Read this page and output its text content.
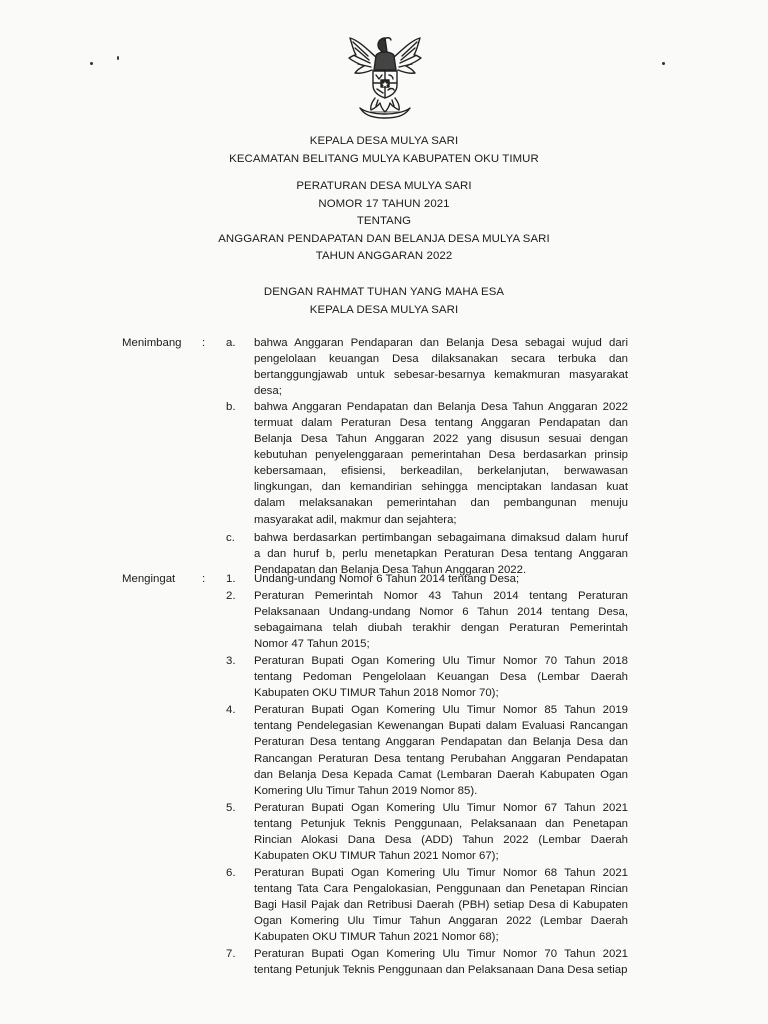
KEPALA DESA MULYA SARI
KECAMATAN BELITANG MULYA KABUPATEN OKU TIMUR
PERATURAN DESA MULYA SARI
NOMOR 17 TAHUN 2021
TENTANG
ANGGARAN PENDAPATAN DAN BELANJA DESA MULYA SARI
TAHUN ANGGARAN 2022
DENGAN RAHMAT TUHAN YANG MAHA ESA
KEPALA DESA MULYA SARI
Menimbang : a.	bahwa Anggaran Pendaparan dan Belanja Desa sebagai wujud dari
pengelolaan keuangan Desa dilaksanakan secara terbuka dan
bertanggungjawab untuk sebesar-besarnya kemakmuran masyarakat
desa;
b.	bahwa Anggaran Pendapatan dan Belanja Desa Tahun Anggaran 2022
termuat dalam Peraturan Desa tentang Anggaran Pendapatan dan
Belanja Desa Tahun Anggaran 2022 yang disusun sesuai dengan
kebutuhan penyelenggaraan pemerintahan Desa berdasarkan prinsip
kebersamaan, efisiensi, berkeadilan, berkelanjutan, berwawasan
lingkungan, dan kemandirian sehingga menciptakan landasan kuat
dalam melaksanakan pemerintahan dan pembangunan menuju
masyarakat adil, makmur dan sejahtera;
c.	bahwa berdasarkan pertimbangan sebagaimana dimaksud dalam huruf
a dan huruf b, perlu menetapkan Peraturan Desa tentang Anggaran
Pendapatan dan Belanja Desa Tahun Anggaran 2022.
Mengingat : 1.	Undang-undang Nomor 6 Tahun 2014 tentang Desa;
2.	Peraturan Pemerintah Nomor 43 Tahun 2014 tentang Peraturan
Pelaksanaan Undang-undang Nomor 6 Tahun 2014 tentang Desa,
sebagaimana telah diubah terakhir dengan Peraturan Pemerintah
Nomor 47 Tahun 2015;
3.	Peraturan Bupati Ogan Komering Ulu Timur Nomor 70 Tahun 2018
tentang Pedoman Pengelolaan Keuangan Desa (Lembar Daerah
Kabupaten OKU TIMUR Tahun 2018 Nomor 70);
4.	Peraturan Bupati Ogan Komering Ulu Timur Nomor 85 Tahun 2019
tentang Pendelegasian Kewenangan Bupati dalam Evaluasi Rancangan
Peraturan Desa tentang Anggaran Pendapatan dan Belanja Desa dan
Rancangan Peraturan Desa tentang Perubahan Anggaran Pendapatan
dan Belanja Desa Kepada Camat (Lembaran Daerah Kabupaten Ogan
Komering Ulu Timur Tahun 2019 Nomor 85).
5.	Peraturan Bupati Ogan Komering Ulu Timur Nomor 67 Tahun 2021
tentang Petunjuk Teknis Penggunaan, Pelaksanaan dan Penetapan
Rincian Alokasi Dana Desa (ADD) Tahun 2022 (Lembar Daerah
Kabupaten OKU TIMUR Tahun 2021 Nomor 67);
6.	Peraturan Bupati Ogan Komering Ulu Timur Nomor 68 Tahun 2021
tentang Tata Cara Pengalokasian, Penggunaan dan Penetapan Rincian
Bagi Hasil Pajak dan Retribusi Daerah (PBH) setiap Desa di Kabupaten
Ogan Komering Ulu Timur Tahun Anggaran 2022 (Lembar Daerah
Kabupaten OKU TIMUR Tahun 2021 Nomor 68);
7.	Peraturan Bupati Ogan Komering Ulu Timur Nomor 70 Tahun 2021
tentang Petunjuk Teknis Penggunaan dan Pelaksanaan Dana Desa setiap
